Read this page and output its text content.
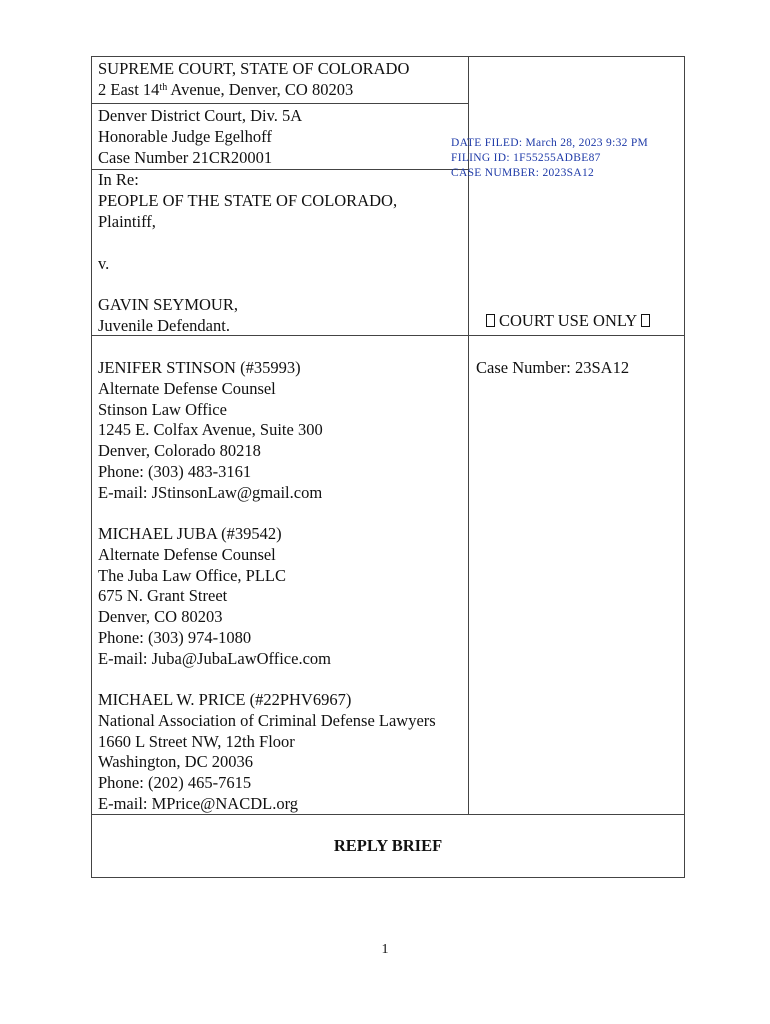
SUPREME COURT, STATE OF COLORADO
2 East 14th Avenue, Denver, CO 80203
Denver District Court, Div. 5A
Honorable Judge Egelhoff
Case Number 21CR20001
In Re:
PEOPLE OF THE STATE OF COLORADO,
Plaintiff,
v.
GAVIN SEYMOUR,
Juvenile Defendant.
DATE FILED: March 28, 2023 9:32 PM
FILING ID: 1F55255ADBE87
CASE NUMBER: 2023SA12
COURT USE ONLY
Case Number: 23SA12
JENIFER STINSON (#35993)
Alternate Defense Counsel
Stinson Law Office
1245 E. Colfax Avenue, Suite 300
Denver, Colorado 80218
Phone: (303) 483-3161
E-mail: JStinsonLaw@gmail.com
MICHAEL JUBA (#39542)
Alternate Defense Counsel
The Juba Law Office, PLLC
675 N. Grant Street
Denver, CO 80203
Phone: (303) 974-1080
E-mail: Juba@JubaLawOffice.com
MICHAEL W. PRICE (#22PHV6967)
National Association of Criminal Defense Lawyers
1660 L Street NW, 12th Floor
Washington, DC 20036
Phone: (202) 465-7615
E-mail: MPrice@NACDL.org
REPLY BRIEF
1
